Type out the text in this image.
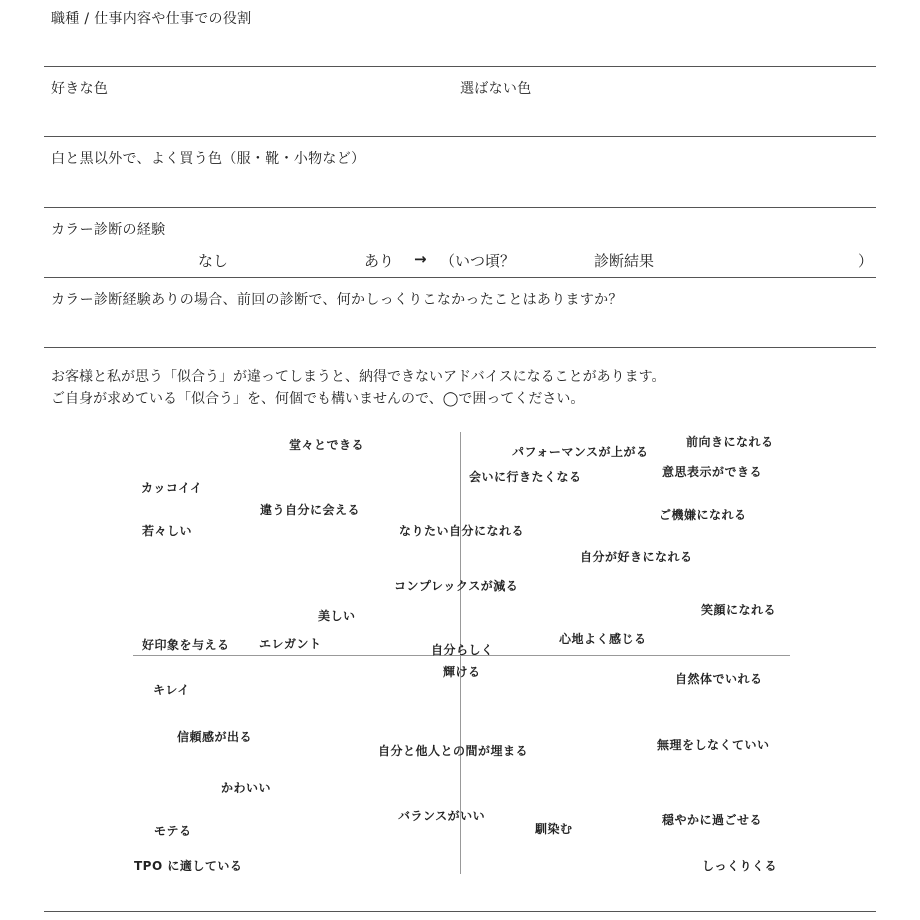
職種 / 仕事内容や仕事での役割
好きな色	選ばない色
白と黒以外で、よく買う色（服・靴・小物など）
カラー診断の経験
なし	あり → （いつ頃？	診断結果	）
カラー診断経験ありの場合、前回の診断で、何かしっくりこなかったことはありますか？
お客様と私が思う「似合う」が違ってしまうと、納得できないアドバイスになることがあります。
ご自身が求めている「似合う」を、何個でも構いませんので、◯で囲ってください。
堂々とできる	パフォーマンスが上がる
前向きになれる
意思表示ができる
会いに行きたくなる
カッコイイ
違う自分に会える	ご機嫌になれる
若々しい	なりたい自分になれる
自分が好きになれる
コンプレックスが減る
美しい	笑顔になれる
好印象を与える エレガント	自分らしく
心地よく感じる
輝ける	自然体でいれる
キレイ
信頼感が出る
自分と他人との間が埋まる	無理をしなくていい
かわいい
バランスがいい	穏やかに過ごせる
モテる	馴染む
TPO に適している	しっくりくる
